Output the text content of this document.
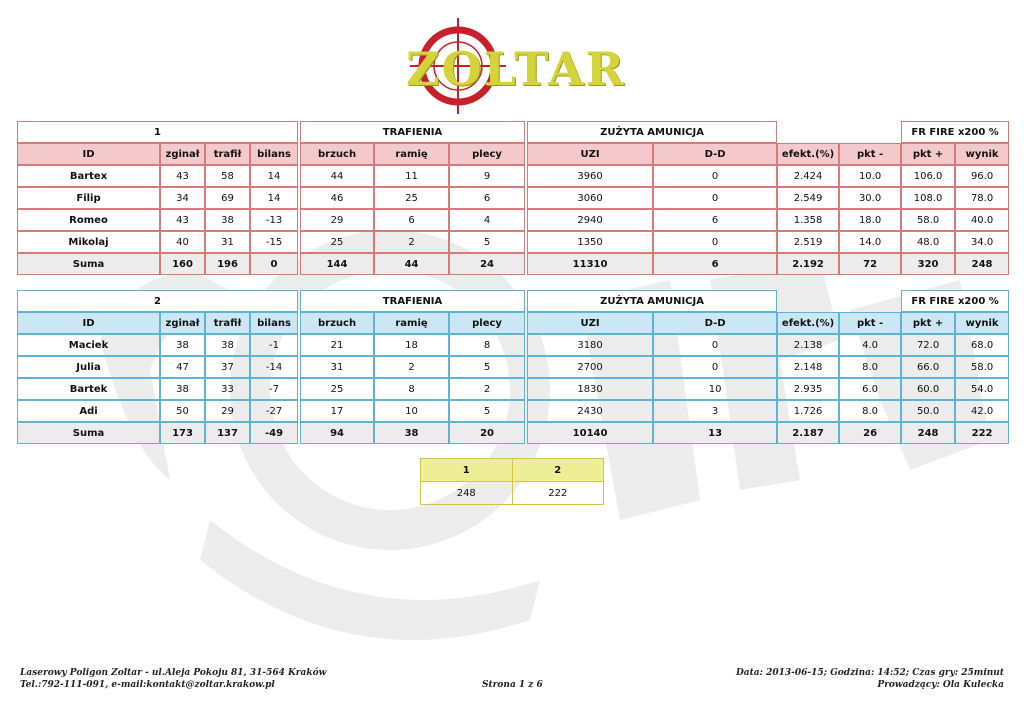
ZOLTAR
1					TRAFIENIA				ZUŻYTA AMUNICJA				FR FIRE x200 %		
ID	zginał	trafił	bilans		brzuch	ramię	plecy		UZI	D-D	efekt.(%)	pkt -	pkt +	wynik
Bartex	43	58	14		44	11	9		3960	0	2.424	10.0	106.0	96.0	
Filip	34	69	14		46	25	6		3060	0	2.549	30.0	108.0	78.0	
Romeo	43	38	-13		29	6	4		2940	6	1.358	18.0	58.0	40.0	
Mikolaj	40	31	-15		25	2	5		1350	0	2.519	14.0	48.0	34.0	
Suma	160	196	0		144	44	24		11310	6	2.192	72	320	248	
2					TRAFIENIA				ZUŻYTA AMUNICJA				FR FIRE x200 %		
ID	zginał	trafił	bilans		brzuch	ramię	plecy		UZI	D-D	efekt.(%)	pkt -	pkt +	wynik	
Maciek	38	38	-1		21	18	8		3180	0	2.138	4.0	72.0	68.0	
Julia	47	37	-14		31	2	5		2700	0	2.148	8.0	66.0	58.0	
Bartek	38	33	-7		25	8	2		1830	10	2.935	6.0	60.0	54.0	
Adi	50	29	-27		17	10	5		2430	3	1.726	8.0	50.0	42.0	
Suma	173	137	-49		94	38	20		10140	13	2.187	26	248	222	
1	2
248	222
Laserowy Poligon Zoltar - ul.Aleja Pokoju 81, 31-564 Kraków
Tel.:792-111-091, e-mail:kontakt@zoltar.krakow.pl	Strona 1 z 6
Data: 2013-06-15; Godzina: 14:52; Czas gry: 25minut
Prowadzący: Ola Kulecka
